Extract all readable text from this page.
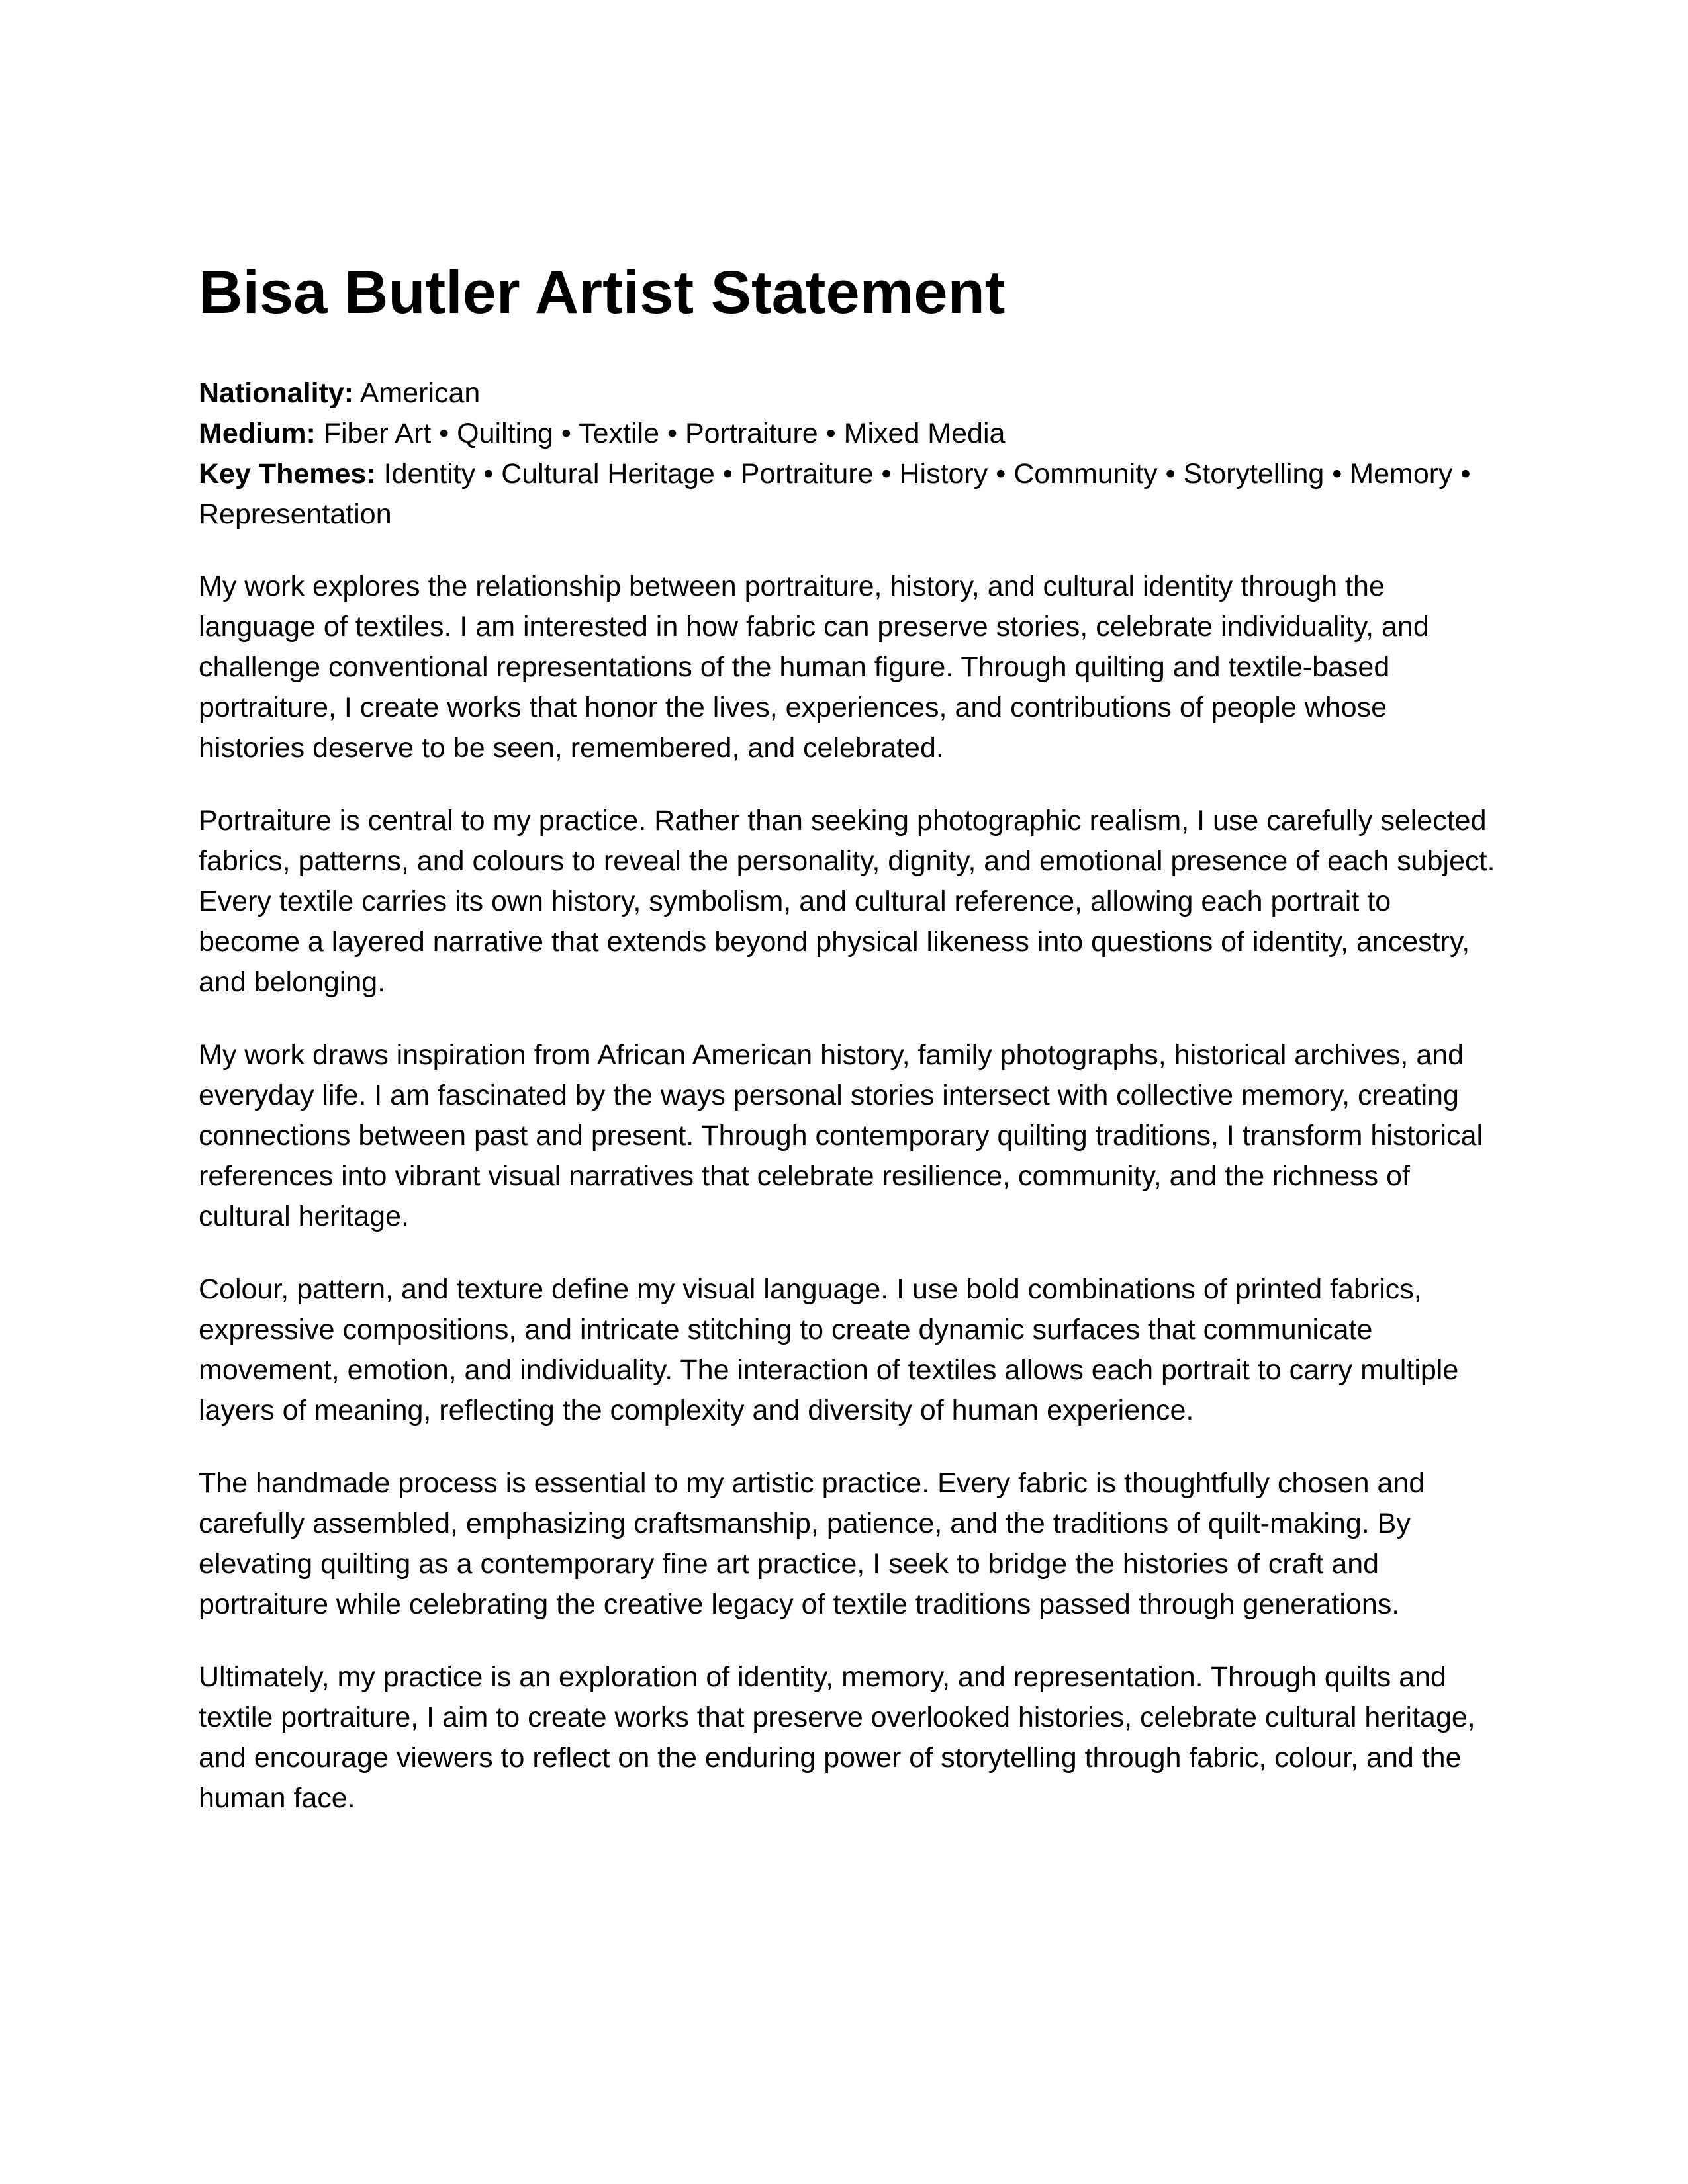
Bisa Butler Artist Statement
Nationality: American
Medium: Fiber Art • Quilting • Textile • Portraiture • Mixed Media
Key Themes: Identity • Cultural Heritage • Portraiture • History • Community • Storytelling • Memory • Representation

My work explores the relationship between portraiture, history, and cultural identity through the language of textiles. I am interested in how fabric can preserve stories, celebrate individuality, and challenge conventional representations of the human figure. Through quilting and textile-based portraiture, I create works that honor the lives, experiences, and contributions of people whose histories deserve to be seen, remembered, and celebrated.

Portraiture is central to my practice. Rather than seeking photographic realism, I use carefully selected fabrics, patterns, and colours to reveal the personality, dignity, and emotional presence of each subject. Every textile carries its own history, symbolism, and cultural reference, allowing each portrait to become a layered narrative that extends beyond physical likeness into questions of identity, ancestry, and belonging.

My work draws inspiration from African American history, family photographs, historical archives, and everyday life. I am fascinated by the ways personal stories intersect with collective memory, creating connections between past and present. Through contemporary quilting traditions, I transform historical references into vibrant visual narratives that celebrate resilience, community, and the richness of cultural heritage.

Colour, pattern, and texture define my visual language. I use bold combinations of printed fabrics, expressive compositions, and intricate stitching to create dynamic surfaces that communicate movement, emotion, and individuality. The interaction of textiles allows each portrait to carry multiple layers of meaning, reflecting the complexity and diversity of human experience.

The handmade process is essential to my artistic practice. Every fabric is thoughtfully chosen and carefully assembled, emphasizing craftsmanship, patience, and the traditions of quilt-making. By elevating quilting as a contemporary fine art practice, I seek to bridge the histories of craft and portraiture while celebrating the creative legacy of textile traditions passed through generations.

Ultimately, my practice is an exploration of identity, memory, and representation. Through quilts and textile portraiture, I aim to create works that preserve overlooked histories, celebrate cultural heritage, and encourage viewers to reflect on the enduring power of storytelling through fabric, colour, and the human face.
